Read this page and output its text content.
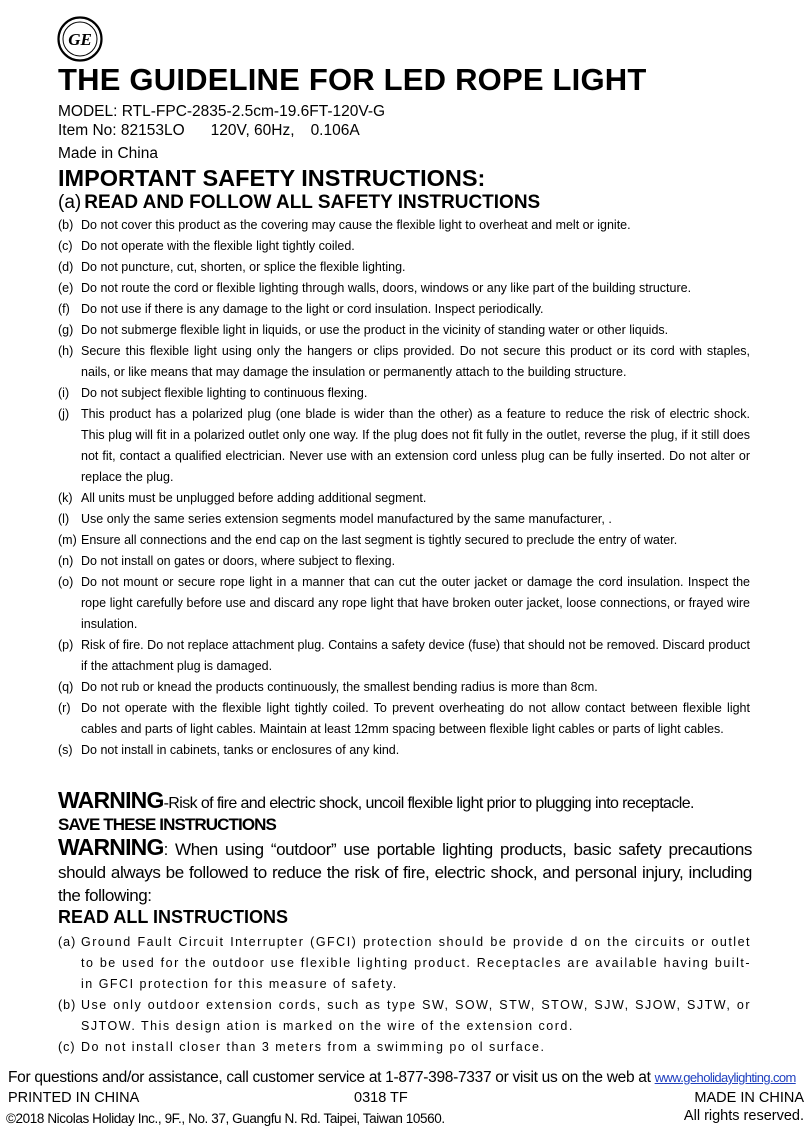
GE
THE GUIDELINE FOR LED ROPE LIGHT
MODEL: RTL-FPC-2835-2.5cm-19.6FT-120V-G
Item No: 82153LO 120V, 60Hz, 0.106A
Made in China
IMPORTANT SAFETY INSTRUCTIONS:
(a) READ AND FOLLOW ALL SAFETY INSTRUCTIONS
(b) Do not cover this product as the covering may cause the flexible light to overheat and melt or ignite.
(c) Do not operate with the flexible light tightly coiled.
(d) Do not puncture, cut, shorten, or splice the flexible lighting.
(e) Do not route the cord or flexible lighting through walls, doors, windows or any like part of the building structure.
(f) Do not use if there is any damage to the light or cord insulation. Inspect periodically.
(g) Do not submerge flexible light in liquids, or use the product in the vicinity of standing water or other liquids.
(h) Secure this flexible light using only the hangers or clips provided. Do not secure this product or its cord with staples, nails, or like means that may damage the insulation or permanently attach to the building structure.
(i) Do not subject flexible lighting to continuous flexing.
(j) This product has a polarized plug (one blade is wider than the other) as a feature to reduce the risk of electric shock. This plug will fit in a polarized outlet only one way. If the plug does not fit fully in the outlet, reverse the plug, if it still does not fit, contact a qualified electrician. Never use with an extension cord unless plug can be fully inserted. Do not alter or replace the plug.
(k) All units must be unplugged before adding additional segment.
(l) Use only the same series extension segments model manufactured by the same manufacturer, .
(m) Ensure all connections and the end cap on the last segment is tightly secured to preclude the entry of water.
(n) Do not install on gates or doors, where subject to flexing.
(o) Do not mount or secure rope light in a manner that can cut the outer jacket or damage the cord insulation. Inspect the rope light carefully before use and discard any rope light that have broken outer jacket, loose connections, or frayed wire insulation.
(p) Risk of fire. Do not replace attachment plug. Contains a safety device (fuse) that should not be removed. Discard product if the attachment plug is damaged.
(q) Do not rub or knead the products continuously, the smallest bending radius is more than 8cm.
(r) Do not operate with the flexible light tightly coiled. To prevent overheating do not allow contact between flexible light cables and parts of light cables. Maintain at least 12mm spacing between flexible light cables or parts of light cables.
(s) Do not install in cabinets, tanks or enclosures of any kind.
WARNING-Risk of fire and electric shock, uncoil flexible light prior to plugging into receptacle.
SAVE THESE INSTRUCTIONS
WARNING: When using “outdoor” use portable lighting products, basic safety precautions should always be followed to reduce the risk of fire, electric shock, and personal injury, including the following:
READ ALL INSTRUCTIONS
(a) Ground Fault Circuit Interrupter (GFCI) protection should be provide d on the circuits or outlet to be used for the outdoor use flexible lighting product. Receptacles are available having built-in GFCI protection for this measure of safety.
(b) Use only outdoor extension cords, such as type SW, SOW, STW, STOW, SJW, SJOW, SJTW, or SJTOW. This design ation is marked on the wire of the extension cord.
(c) Do not install closer than 3 meters from a swimming po ol surface.
For questions and/or assistance, call customer service at 1-877-398-7337 or visit us on the web at www.geholidaylighting.com
PRINTED IN CHINA	0318 TF	MADE IN CHINA
©2018 Nicolas Holiday Inc., 9F., No. 37, Guangfu N. Rd. Taipei, Taiwan 10560.	All rights reserved.
